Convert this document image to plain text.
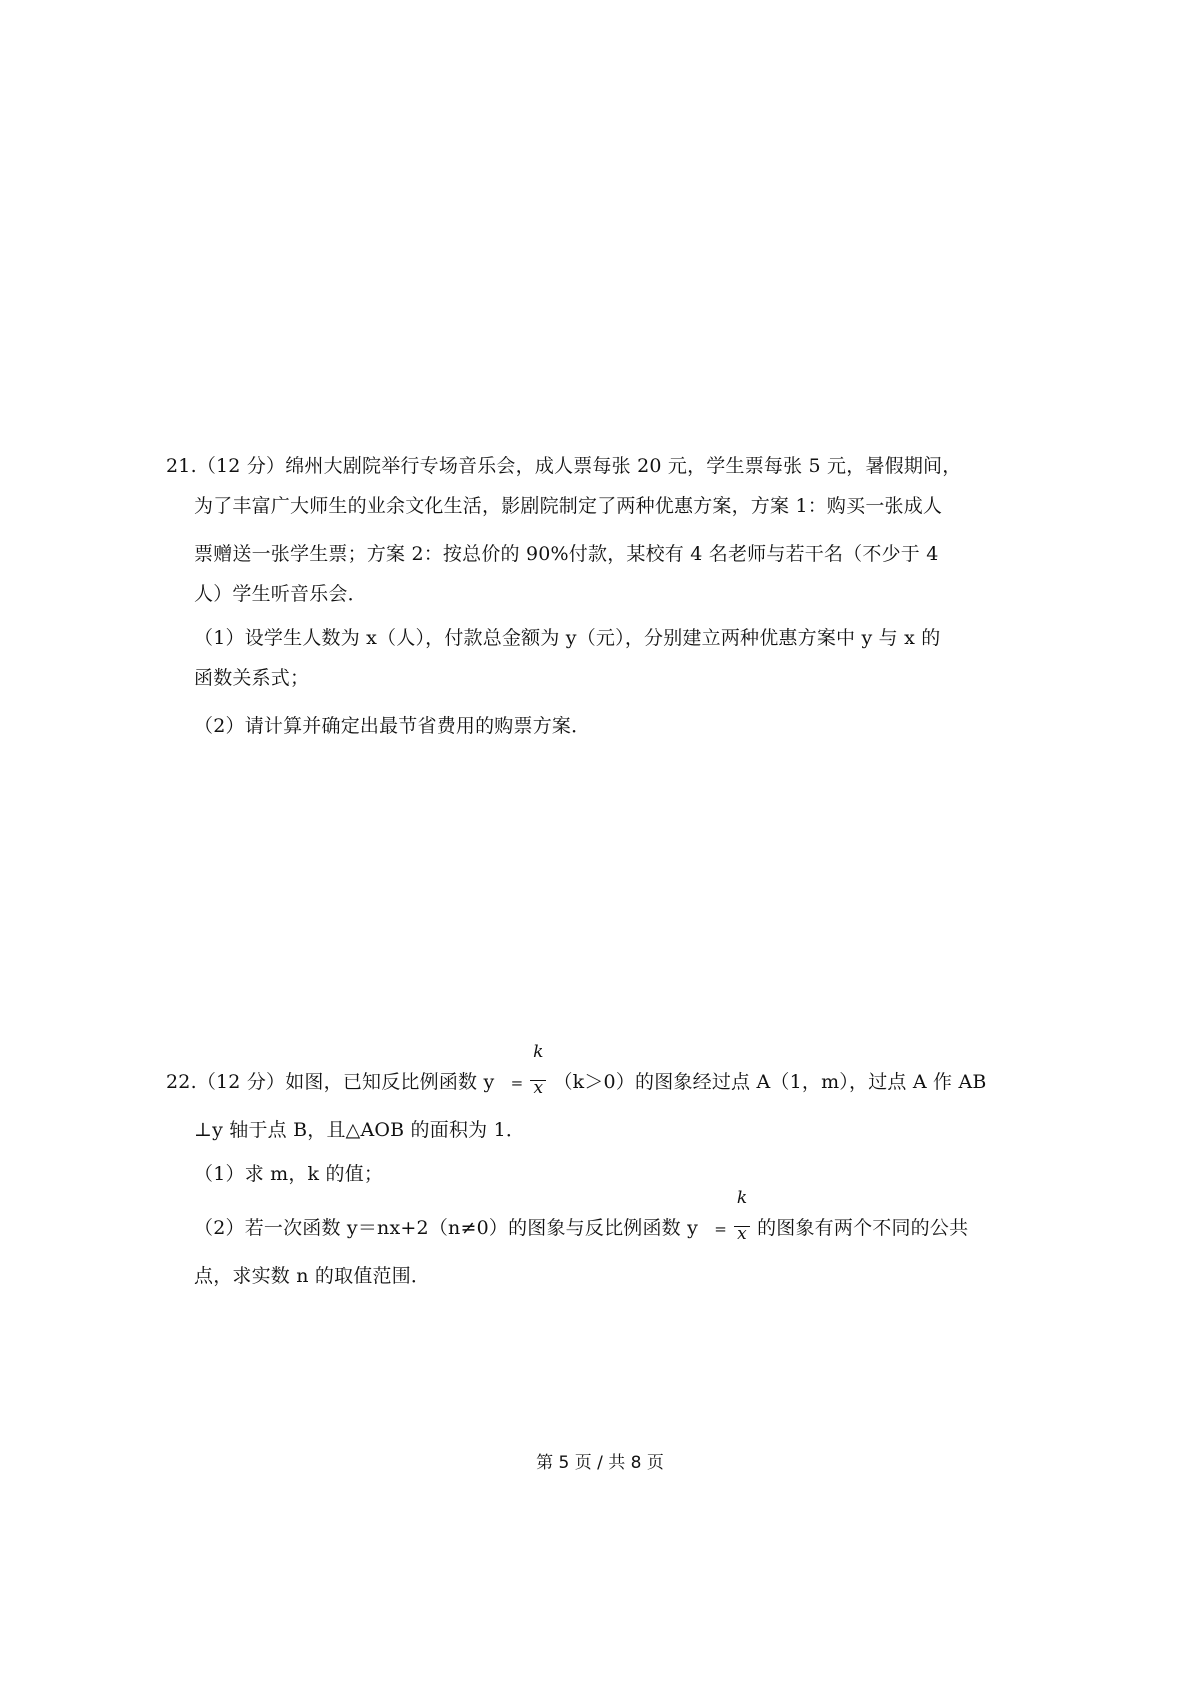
21.（12 分）绵州大剧院举行专场音乐会，成人票每张 20 元，学生票每张 5 元，暑假期间，
为了丰富广大师生的业余文化生活，影剧院制定了两种优惠方案，方案 1：购买一张成人
票赠送一张学生票；方案 2：按总价的 90%付款，某校有 4 名老师与若干名（不少于 4
人）学生听音乐会．
（1）设学生人数为 x（人），付款总金额为 y（元），分别建立两种优惠方案中 y 与 x 的
函数关系式；
（2）请计算并确定出最节省费用的购票方案．
22.（12 分）如图，已知反比例函数 $y = \frac{k}{x} (k>0)$的图象经过点 A（1，m），过点 A 作 AB
⊥y 轴于点 B，且△AOB 的面积为 1．
（1）求 m，k 的值；
（2）若一次函数 y＝nx+2（n≠0）的图象与反比例函数 $y = \frac{k}{x}$ 的图象有两个不同的公共
点，求实数 n 的取值范围．
第 5 页 / 共 8 页
